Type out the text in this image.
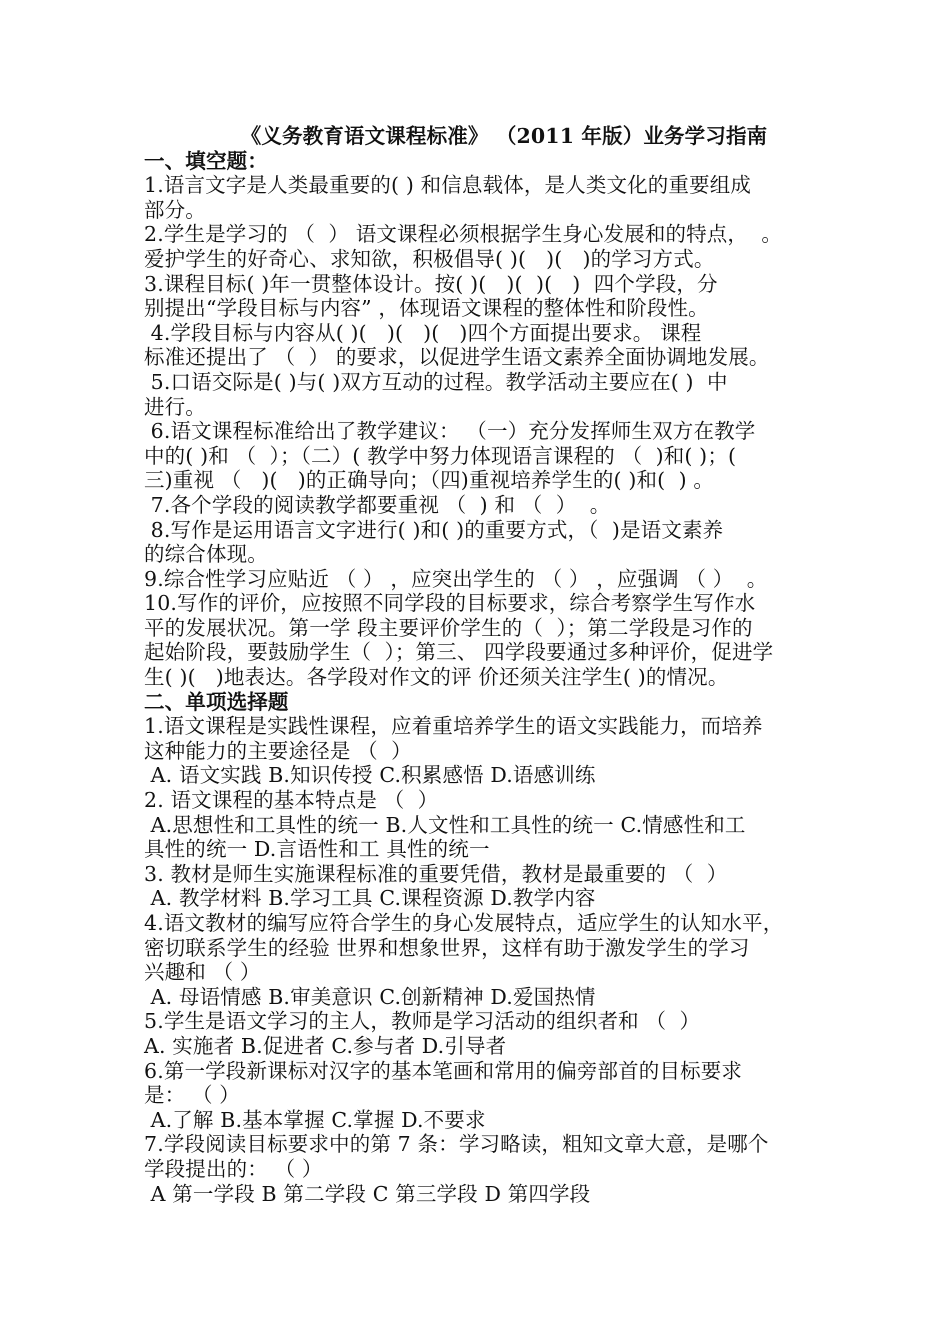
《义务教育语文课程标准》 （2011 年版）业务学习指南
一、填空题：
1.语言文字是人类最重要的( ) 和信息载体，是人类文化的重要组成
部分。
2.学生是学习的 （  ） 语文课程必须根据学生身心发展和的特点，  。
爱护学生的好奇心、求知欲，积极倡导( )(   )(   )的学习方式。
3.课程目标( )年一贯整体设计。按( )(   )(  )(   )  四个学段，分
别提出“学段目标与内容” ，体现语文课程的整体性和阶段性。
4.学段目标与内容从( )(   )(   )(   )四个方面提出要求。 课程
标准还提出了 （  ） 的要求，以促进学生语文素养全面协调地发展。
5.口语交际是( )与( )双方互动的过程。教学活动主要应在( )  中
进行。
6.语文课程标准给出了教学建议： （一）充分发挥师生双方在教学
中的( )和 （  ）；（二）( 教学中努力体现语言课程的 （  )和( )；(
三)重视 （   )(   )的正确导向；（四)重视培养学生的( )和(  ) 。
7.各个学段的阅读教学都要重视 （  ) 和 （  ）  。
8.写作是运用语言文字进行( )和( )的重要方式，（  )是语文素养
的综合体现。
9.综合性学习应贴近 （ ） ，应突出学生的 （ ） ，应强调 （ ）  。
10.写作的评价，应按照不同学段的目标要求，综合考察学生写作水
平的发展状况。第一学 段主要评价学生的（  ）；第二学段是习作的
起始阶段，要鼓励学生（  ）；第三、 四学段要通过多种评价，促进学
生( )(   )地表达。各学段对作文的评 价还须关注学生( )的情况。
二、单项选择题
1.语文课程是实践性课程，应着重培养学生的语文实践能力，而培养
这种能力的主要途径是 （  ）
A. 语文实践 B.知识传授 C.积累感悟 D.语感训练
2. 语文课程的基本特点是 （  ）
A.思想性和工具性的统一 B.人文性和工具性的统一 C.情感性和工
具性的统一 D.言语性和工 具性的统一
3. 教材是师生实施课程标准的重要凭借，教材是最重要的 （  ）
A. 教学材料 B.学习工具 C.课程资源 D.教学内容
4.语文教材的编写应符合学生的身心发展特点，适应学生的认知水平，
密切联系学生的经验 世界和想象世界，这样有助于激发学生的学习
兴趣和 （ ）
A. 母语情感 B.审美意识 C.创新精神 D.爱国热情
5.学生是语文学习的主人，教师是学习活动的组织者和 （  ）
A. 实施者 B.促进者 C.参与者 D.引导者
6.第一学段新课标对汉字的基本笔画和常用的偏旁部首的目标要求
是： （ ）
A.了解 B.基本掌握 C.掌握 D.不要求
7.学段阅读目标要求中的第 7 条：学习略读，粗知文章大意，是哪个
学段提出的： （ ）
A 第一学段 B 第二学段 C 第三学段 D 第四学段
